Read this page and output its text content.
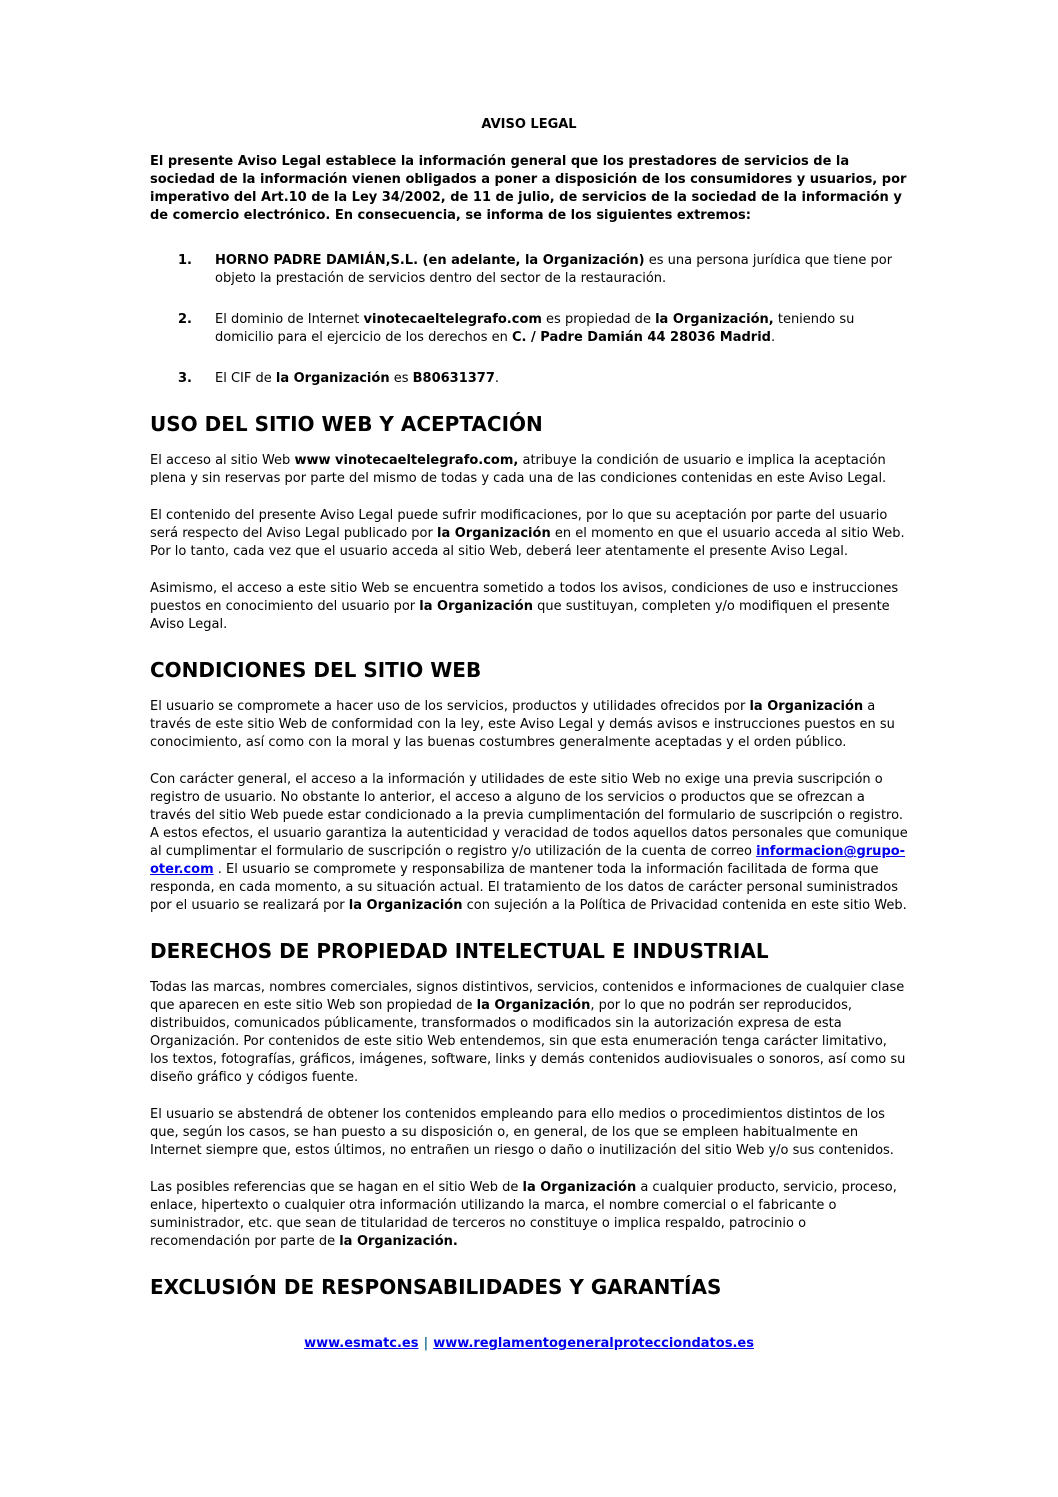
AVISO LEGAL

El presente Aviso Legal establece la información general que los prestadores de servicios de la sociedad de la información vienen obligados a poner a disposición de los consumidores y usuarios, por imperativo del Art.10 de la Ley 34/2002, de 11 de julio, de servicios de la sociedad de la información y de comercio electrónico. En consecuencia, se informa de los siguientes extremos:

1.	HORNO PADRE DAMIÁN,S.L. (en adelante, la Organización) es una persona jurídica que tiene por objeto la prestación de servicios dentro del sector de la restauración.
2.	El dominio de Internet vinotecaeltelegrafo.com es propiedad de la Organización, teniendo su domicilio para el ejercicio de los derechos en C. / Padre Damián 44 28036 Madrid.
3.	El CIF de la Organización es B80631377.
USO DEL SITIO WEB Y ACEPTACIÓN

El acceso al sitio Web www vinotecaeltelegrafo.com, atribuye la condición de usuario e implica la aceptación plena y sin reservas por parte del mismo de todas y cada una de las condiciones contenidas en este Aviso Legal.

El contenido del presente Aviso Legal puede sufrir modificaciones, por lo que su aceptación por parte del usuario será respecto del Aviso Legal publicado por la Organización en el momento en que el usuario acceda al sitio Web. Por lo tanto, cada vez que el usuario acceda al sitio Web, deberá leer atentamente el presente Aviso Legal.

Asimismo, el acceso a este sitio Web se encuentra sometido a todos los avisos, condiciones de uso e instrucciones puestos en conocimiento del usuario por la Organización que sustituyan, completen y/o modifiquen el presente Aviso Legal.

CONDICIONES DEL SITIO WEB

El usuario se compromete a hacer uso de los servicios, productos y utilidades ofrecidos por la Organización a través de este sitio Web de conformidad con la ley, este Aviso Legal y demás avisos e instrucciones puestos en su conocimiento, así como con la moral y las buenas costumbres generalmente aceptadas y el orden público.

Con carácter general, el acceso a la información y utilidades de este sitio Web no exige una previa suscripción o registro de usuario. No obstante lo anterior, el acceso a alguno de los servicios o productos que se ofrezcan a través del sitio Web puede estar condicionado a la previa cumplimentación del formulario de suscripción o registro. A estos efectos, el usuario garantiza la autenticidad y veracidad de todos aquellos datos personales que comunique al cumplimentar el formulario de suscripción o registro y/o utilización de la cuenta de correo informacion@grupo-oter.com . El usuario se compromete y responsabiliza de mantener toda la información facilitada de forma que responda, en cada momento, a su situación actual. El tratamiento de los datos de carácter personal suministrados por el usuario se realizará por la Organización con sujeción a la Política de Privacidad contenida en este sitio Web.

DERECHOS DE PROPIEDAD INTELECTUAL E INDUSTRIAL

Todas las marcas, nombres comerciales, signos distintivos, servicios, contenidos e informaciones de cualquier clase que aparecen en este sitio Web son propiedad de la Organización, por lo que no podrán ser reproducidos, distribuidos, comunicados públicamente, transformados o modificados sin la autorización expresa de esta Organización. Por contenidos de este sitio Web entendemos, sin que esta enumeración tenga carácter limitativo, los textos, fotografías, gráficos, imágenes, software, links y demás contenidos audiovisuales o sonoros, así como su diseño gráfico y códigos fuente.

El usuario se abstendrá de obtener los contenidos empleando para ello medios o procedimientos distintos de los que, según los casos, se han puesto a su disposición o, en general, de los que se empleen habitualmente en Internet siempre que, estos últimos, no entrañen un riesgo o daño o inutilización del sitio Web y/o sus contenidos.

Las posibles referencias que se hagan en el sitio Web de la Organización a cualquier producto, servicio, proceso, enlace, hipertexto o cualquier otra información utilizando la marca, el nombre comercial o el fabricante o suministrador, etc. que sean de titularidad de terceros no constituye o implica respaldo, patrocinio o recomendación por parte de la Organización.

EXCLUSIÓN DE RESPONSABILIDADES Y GARANTÍAS
www.esmatc.es | www.reglamentogeneralprotecciondatos.es
